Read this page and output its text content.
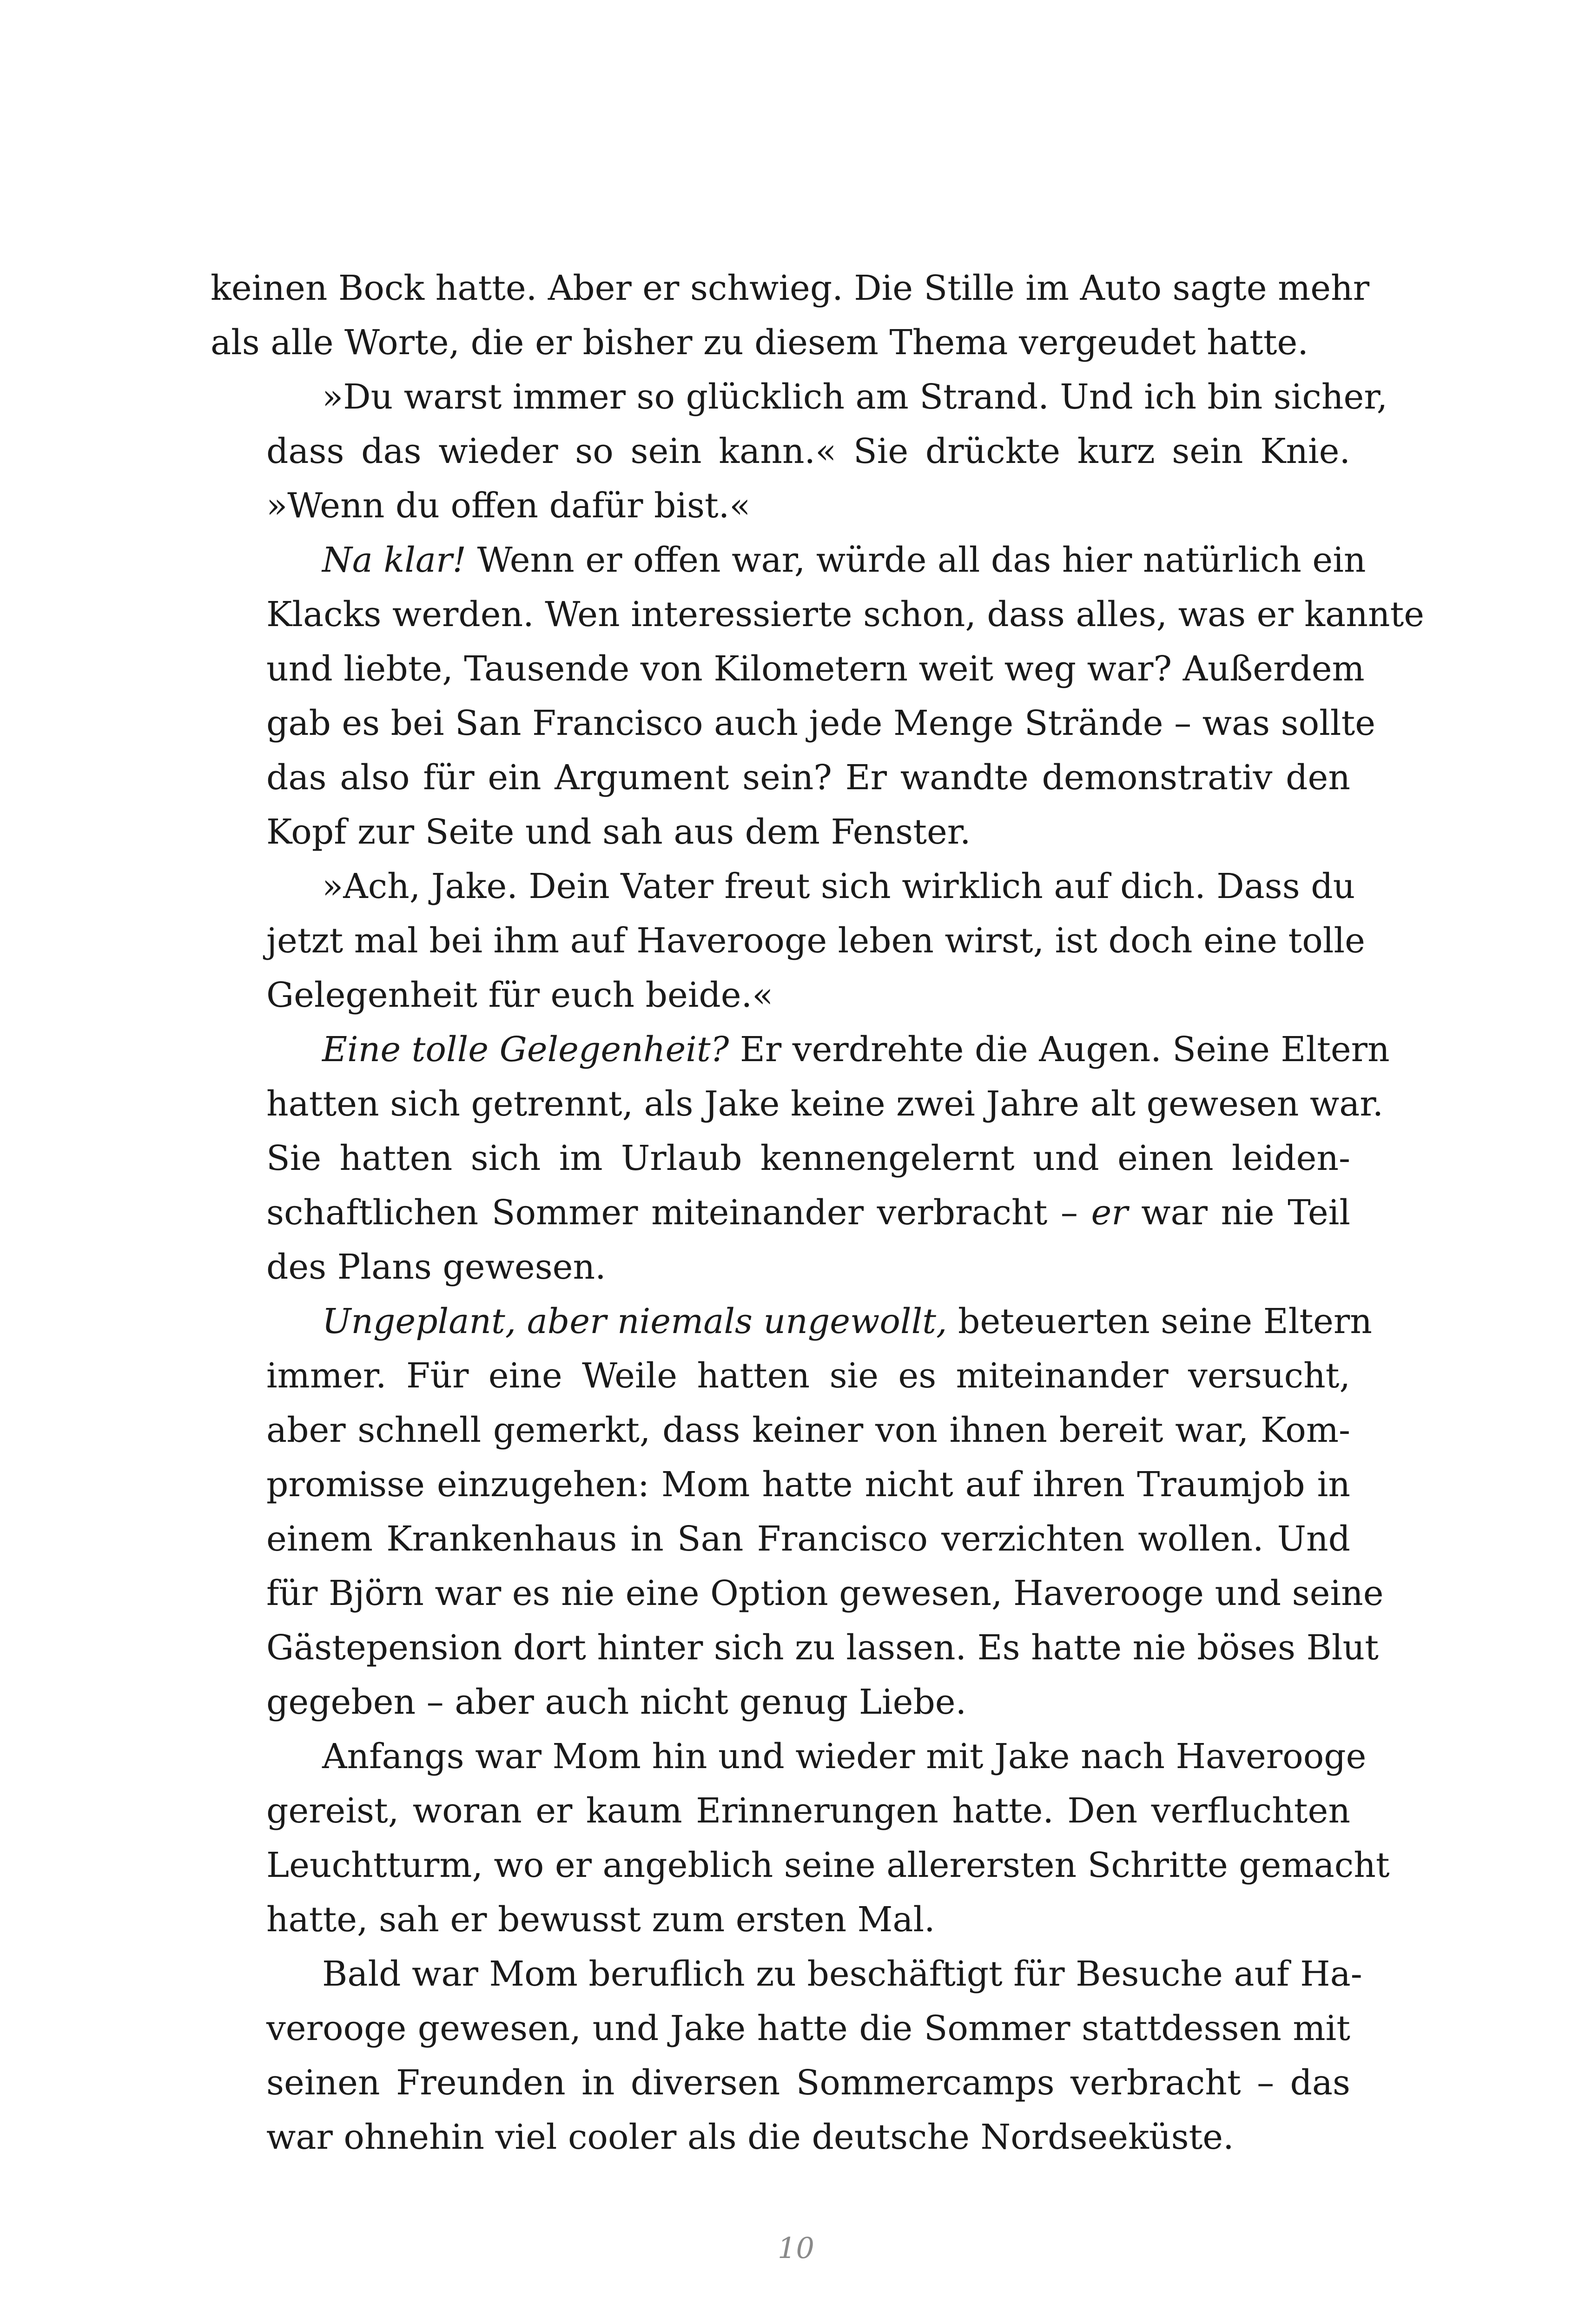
keinen Bock hatte. Aber er schwieg. Die Stille im Auto sagte mehr
als alle Worte, die er bisher zu diesem Thema vergeudet hatte.
»Du warst immer so glücklich am Strand. Und ich bin sicher,
dass das wieder so sein kann.« Sie drückte kurz sein Knie.
»Wenn du offen dafür bist.«
Na klar! Wenn er offen war, würde all das hier natürlich ein
Klacks werden. Wen interessierte schon, dass alles, was er kannte
und liebte, Tausende von Kilometern weit weg war? Außerdem
gab es bei San Francisco auch jede Menge Strände – was sollte
das also für ein Argument sein? Er wandte demonstrativ den
Kopf zur Seite und sah aus dem Fenster.
»Ach, Jake. Dein Vater freut sich wirklich auf dich. Dass du
jetzt mal bei ihm auf Haverooge leben wirst, ist doch eine tolle
Gelegenheit für euch beide.«
Eine tolle Gelegenheit? Er verdrehte die Augen. Seine Eltern
hatten sich getrennt, als Jake keine zwei Jahre alt gewesen war.
Sie hatten sich im Urlaub kennengelernt und einen leiden-
schaftlichen Sommer miteinander verbracht – er war nie Teil
des Plans gewesen.
Ungeplant, aber niemals ungewollt, beteuerten seine Eltern
immer. Für eine Weile hatten sie es miteinander versucht,
aber schnell gemerkt, dass keiner von ihnen bereit war, Kom-
promisse einzugehen: Mom hatte nicht auf ihren Traumjob in
einem Krankenhaus in San Francisco verzichten wollen. Und
für Björn war es nie eine Option gewesen, Haverooge und seine
Gästepension dort hinter sich zu lassen. Es hatte nie böses Blut
gegeben – aber auch nicht genug Liebe.
Anfangs war Mom hin und wieder mit Jake nach Haverooge
gereist, woran er kaum Erinnerungen hatte. Den verfluchten
Leuchtturm, wo er angeblich seine allerersten Schritte gemacht
hatte, sah er bewusst zum ersten Mal.
Bald war Mom beruflich zu beschäftigt für Besuche auf Ha-
verooge gewesen, und Jake hatte die Sommer stattdessen mit
seinen Freunden in diversen Sommercamps verbracht – das
war ohnehin viel cooler als die deutsche Nordseeküste.
10
